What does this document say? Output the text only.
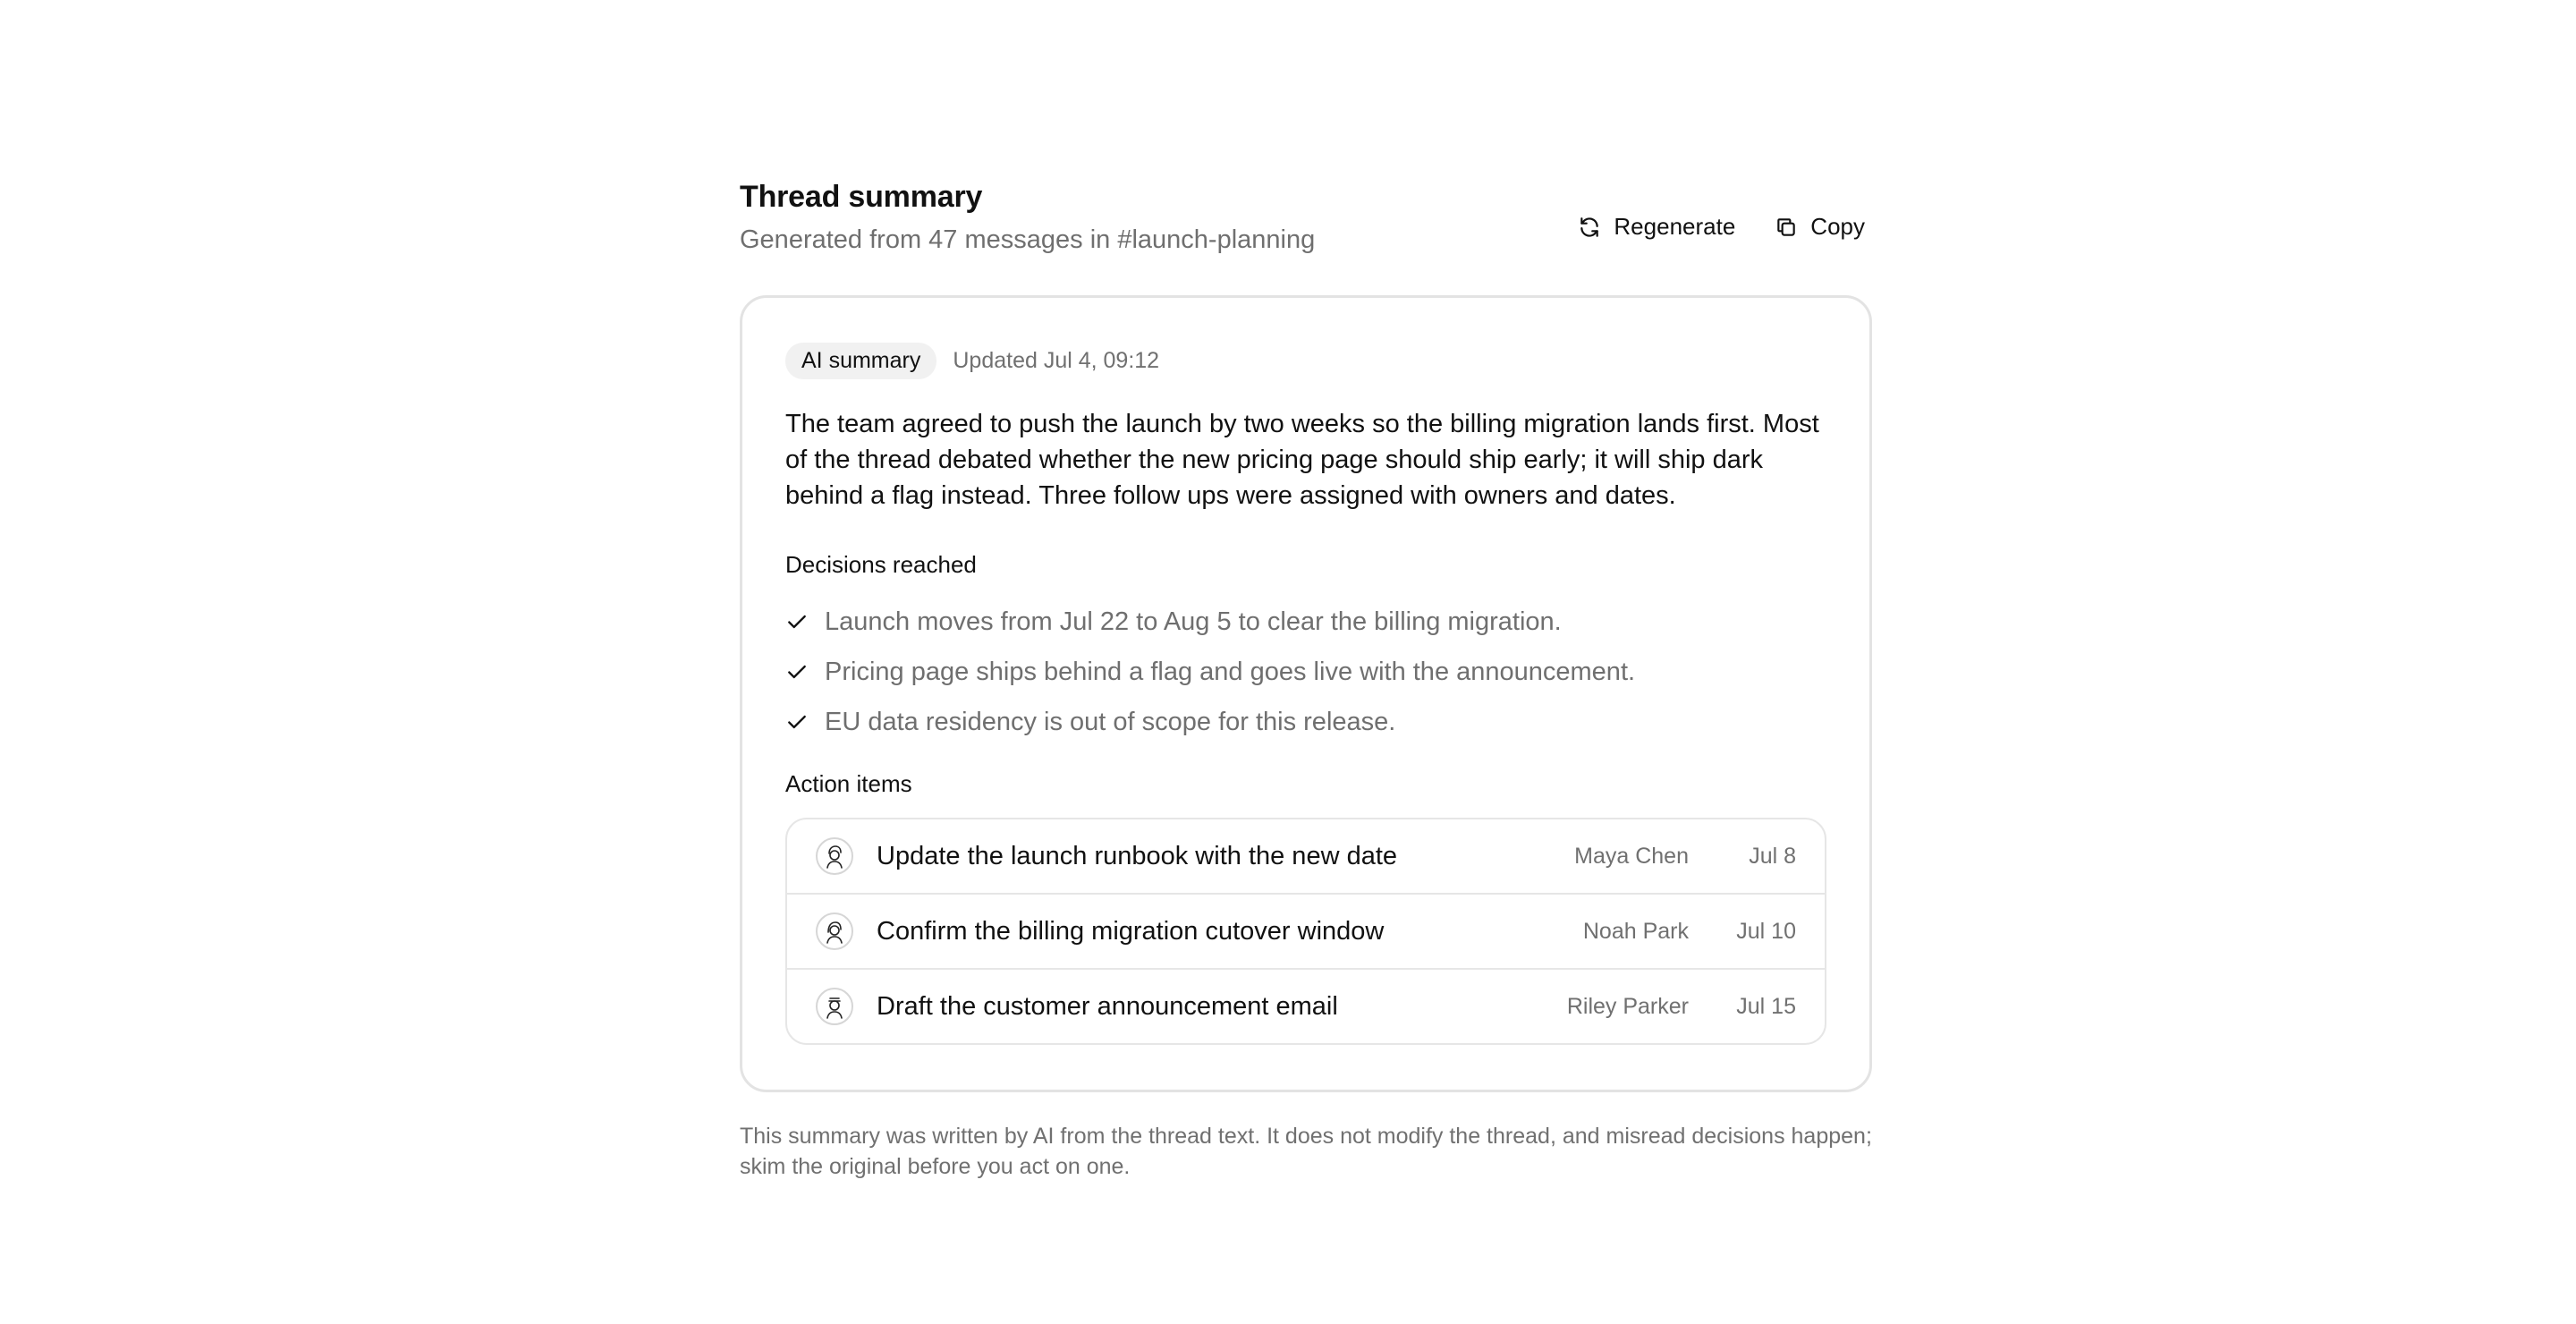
Thread summary

Generated from 47 messages in #launch-planning	Regenerate	Copy
AI summary	Updated Jul 4, 09:12

The team agreed to push the launch by two weeks so the billing migration lands first. Most of the thread debated whether the new pricing page should ship early; it will ship dark behind a flag instead. Three follow ups were assigned with owners and dates.

Decisions reached
Launch moves from Jul 22 to Aug 5 to clear the billing migration.
Pricing page ships behind a flag and goes live with the announcement.
EU data residency is out of scope for this release.
Action items
Update the launch runbook with the new date	Maya Chen	Jul 8
Confirm the billing migration cutover window	Noah Park	Jul 10
Draft the customer announcement email	Riley Parker	Jul 15

This summary was written by AI from the thread text. It does not modify the thread, and misread decisions happen; skim the original before you act on one.
